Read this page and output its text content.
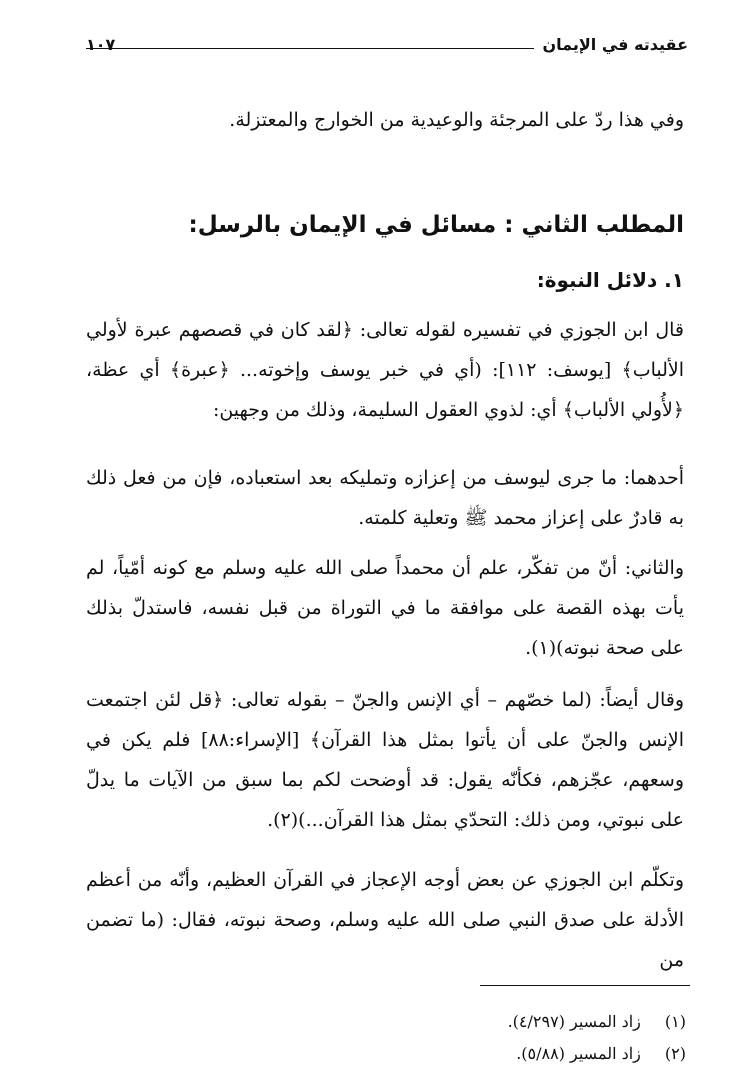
عقيدته في الإيمان
١٠٧
وفي هذا ردّ على المرجئة والوعيدية من الخوارج والمعتزلة.
المطلب الثاني : مسائل في الإيمان بالرسل:
١. دلائل النبوة:
قال ابن الجوزي في تفسيره لقوله تعالى: ﴿لقد كان في قصصهم عبرة لأولي الألباب﴾ [يوسف: ١١٢]: (أي في خبر يوسف وإخوته... ﴿عبرة﴾ أي عظة، ﴿لأُولي الألباب﴾ أي: لذوي العقول السليمة، وذلك من وجهين:
أحدهما: ما جرى ليوسف من إعزازه وتمليكه بعد استعباده، فإن من فعل ذلك به قادرٌ على إعزاز محمد ﷺ وتعلية كلمته.
والثاني: أنّ من تفكّر، علم أن محمداً صلى الله عليه وسلم مع كونه أمّياً، لم يأت بهذه القصة على موافقة ما في التوراة من قبل نفسه، فاستدلّ بذلك على صحة نبوته)(١).
وقال أيضاً: (لما خصّهم – أي الإنس والجنّ – بقوله تعالى: ﴿قل لئن اجتمعت الإنس والجنّ على أن يأتوا بمثل هذا القرآن﴾ [الإسراء:٨٨] فلم يكن في وسعهم، عجّزهم، فكأنّه يقول: قد أوضحت لكم بما سبق من الآيات ما يدلّ على نبوتي، ومن ذلك: التحدّي بمثل هذا القرآن...)(٢).
وتكلّم ابن الجوزي عن بعض أوجه الإعجاز في القرآن العظيم، وأنّه من أعظم الأدلة على صدق النبي صلى الله عليه وسلم، وصحة نبوته، فقال: (ما تضمن من
(١) زاد المسير (٤/٢٩٧).
(٢) زاد المسير (٥/٨٨).
